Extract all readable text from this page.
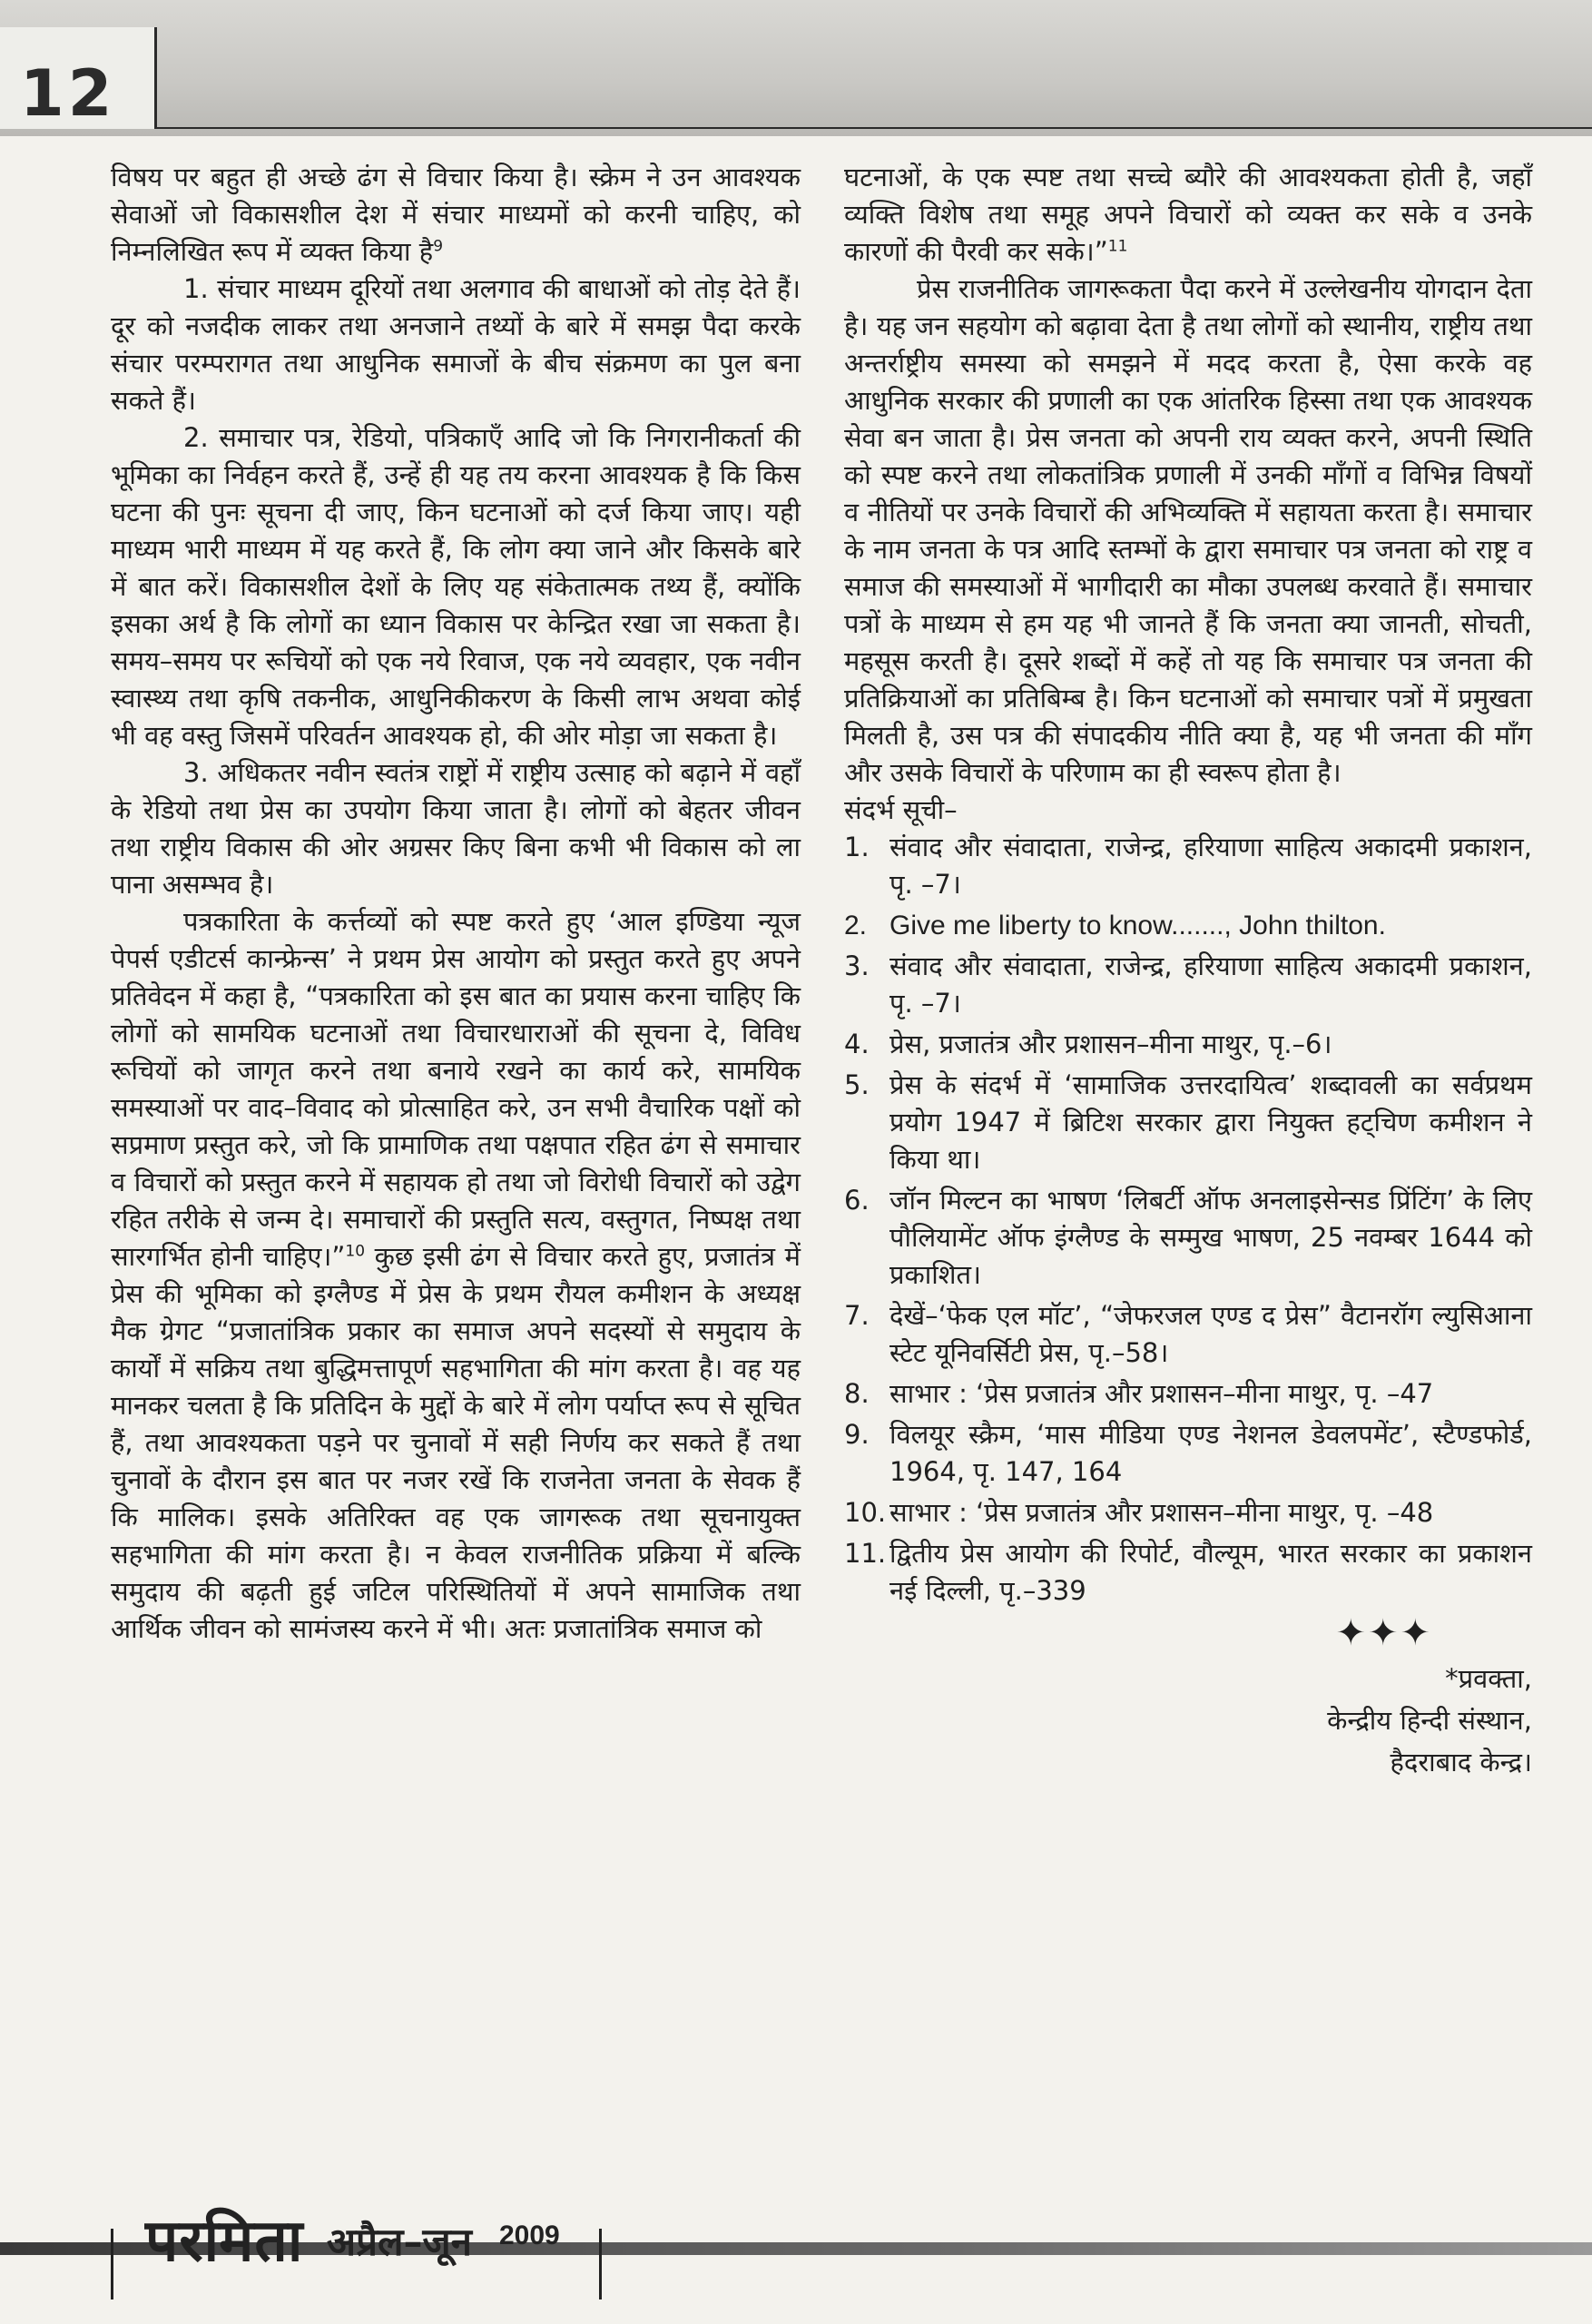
12

विषय पर बहुत ही अच्छे ढंग से विचार किया है। स्क्रेम ने उन आवश्यक सेवाओं जो विकासशील देश में संचार माध्यमों को करनी चाहिए, को निम्नलिखित रूप में व्यक्त किया है$^9$

1. संचार माध्यम दूरियों तथा अलगाव की बाधाओं को तोड़ देते हैं। दूर को नजदीक लाकर तथा अनजाने तथ्यों के बारे में समझ पैदा करके संचार परम्परागत तथा आधुनिक समाजों के बीच संक्रमण का पुल बना सकते हैं।

2. समाचार पत्र, रेडियो, पत्रिकाएँ आदि जो कि निगरानीकर्ता की भूमिका का निर्वहन करते हैं, उन्हें ही यह तय करना आवश्यक है कि किस घटना की पुनः सूचना दी जाए, किन घटनाओं को दर्ज किया जाए। यही माध्यम भारी माध्यम में यह करते हैं, कि लोग क्या जाने और किसके बारे में बात करें। विकासशील देशों के लिए यह संकेतात्मक तथ्य हैं, क्योंकि इसका अर्थ है कि लोगों का ध्यान विकास पर केन्द्रित रखा जा सकता है। समय–समय पर रूचियों को एक नये रिवाज, एक नये व्यवहार, एक नवीन स्वास्थ्य तथा कृषि तकनीक, आधुनिकीकरण के किसी लाभ अथवा कोई भी वह वस्तु जिसमें परिवर्तन आवश्यक हो, की ओर मोड़ा जा सकता है।

3. अधिकतर नवीन स्वतंत्र राष्ट्रों में राष्ट्रीय उत्साह को बढ़ाने में वहाँ के रेडियो तथा प्रेस का उपयोग किया जाता है। लोगों को बेहतर जीवन तथा राष्ट्रीय विकास की ओर अग्रसर किए बिना कभी भी विकास को ला पाना असम्भव है।

पत्रकारिता के कर्त्तव्यों को स्पष्ट करते हुए ‘आल इण्डिया न्यूज पेपर्स एडीटर्स कान्फ्रेन्स’ ने प्रथम प्रेस आयोग को प्रस्तुत करते हुए अपने प्रतिवेदन में कहा है, “पत्रकारिता को इस बात का प्रयास करना चाहिए कि लोगों को सामयिक घटनाओं तथा विचारधाराओं की सूचना दे, विविध रूचियों को जागृत करने तथा बनाये रखने का कार्य करे, सामयिक समस्याओं पर वाद–विवाद को प्रोत्साहित करे, उन सभी वैचारिक पक्षों को सप्रमाण प्रस्तुत करे, जो कि प्रामाणिक तथा पक्षपात रहित ढंग से समाचार व विचारों को प्रस्तुत करने में सहायक हो तथा जो विरोधी विचारों को उद्वेग रहित तरीके से जन्म दे। समाचारों की प्रस्तुति सत्य, वस्तुगत, निष्पक्ष तथा सारगर्भित होनी चाहिए।”$^{10}$ कुछ इसी ढंग से विचार करते हुए, प्रजातंत्र में प्रेस की भूमिका को इग्लैण्ड में प्रेस के प्रथम रौयल कमीशन के अध्यक्ष मैक ग्रेगट “प्रजातांत्रिक प्रकार का समाज अपने सदस्यों से समुदाय के कार्यों में सक्रिय तथा बुद्धिमत्तापूर्ण सहभागिता की मांग करता है। वह यह मानकर चलता है कि प्रतिदिन के मुद्दों के बारे में लोग पर्याप्त रूप से सूचित हैं, तथा आवश्यकता पड़ने पर चुनावों में सही निर्णय कर सकते हैं तथा चुनावों के दौरान इस बात पर नजर रखें कि राजनेता जनता के सेवक हैं कि मालिक। इसके अतिरिक्त वह एक जागरूक तथा सूचनायुक्त सहभागिता की मांग करता है। न केवल राजनीतिक प्रक्रिया में बल्कि समुदाय की बढ़ती हुई जटिल परिस्थितियों में अपने सामाजिक तथा आर्थिक जीवन को सामंजस्य करने में भी। अतः प्रजातांत्रिक समाज को

घटनाओं, के एक स्पष्ट तथा सच्चे ब्यौरे की आवश्यकता होती है, जहाँ व्यक्ति विशेष तथा समूह अपने विचारों को व्यक्त कर सके व उनके कारणों की पैरवी कर सके।”$^{11}$

प्रेस राजनीतिक जागरूकता पैदा करने में उल्लेखनीय योगदान देता है। यह जन सहयोग को बढ़ावा देता है तथा लोगों को स्थानीय, राष्ट्रीय तथा अन्तर्राष्ट्रीय समस्या को समझने में मदद करता है, ऐसा करके वह आधुनिक सरकार की प्रणाली का एक आंतरिक हिस्सा तथा एक आवश्यक सेवा बन जाता है। प्रेस जनता को अपनी राय व्यक्त करने, अपनी स्थिति को स्पष्ट करने तथा लोकतांत्रिक प्रणाली में उनकी माँगों व विभिन्न विषयों व नीतियों पर उनके विचारों की अभिव्यक्ति में सहायता करता है। समाचार के नाम जनता के पत्र आदि स्तम्भों के द्वारा समाचार पत्र जनता को राष्ट्र व समाज की समस्याओं में भागीदारी का मौका उपलब्ध करवाते हैं। समाचार पत्रों के माध्यम से हम यह भी जानते हैं कि जनता क्या जानती, सोचती, महसूस करती है। दूसरे शब्दों में कहें तो यह कि समाचार पत्र जनता की प्रतिक्रियाओं का प्रतिबिम्ब है। किन घटनाओं को समाचार पत्रों में प्रमुखता मिलती है, उस पत्र की संपादकीय नीति क्या है, यह भी जनता की माँग और उसके विचारों के परिणाम का ही स्वरूप होता है।

संदर्भ सूची–

1. संवाद और संवादाता, राजेन्द्र, हरियाणा साहित्य अकादमी प्रकाशन, पृ. –7।
2. Give me liberty to know......., John thilton.
3. संवाद और संवादाता, राजेन्द्र, हरियाणा साहित्य अकादमी प्रकाशन, पृ. –7।
4. प्रेस, प्रजातंत्र और प्रशासन–मीना माथुर, पृ.–6।
5. प्रेस के संदर्भ में ‘सामाजिक उत्तरदायित्व’ शब्दावली का सर्वप्रथम प्रयोग 1947 में ब्रिटिश सरकार द्वारा नियुक्त हट्चिण कमीशन ने किया था।
6. जॉन मिल्टन का भाषण ‘लिबर्टी ऑफ अनलाइसेन्सड प्रिंटिंग’ के लिए पौलियामेंट ऑफ इंग्लैण्ड के सम्मुख भाषण, 25 नवम्बर 1644 को प्रकाशित।
7. देखें–‘फेक एल मॉट’, “जेफरजल एण्ड द प्रेस” वैटानरॉग ल्युसिआना स्टेट यूनिवर्सिटी प्रेस, पृ.–58।
8. साभार : ‘प्रेस प्रजातंत्र और प्रशासन–मीना माथुर, पृ. –47
9. विलयूर स्क्रैम, ‘मास मीडिया एण्ड नेशनल डेवलपमेंट’, स्टैण्डफोर्ड, 1964, पृ. 147, 164
10. साभार : ‘प्रेस प्रजातंत्र और प्रशासन–मीना माथुर, पृ. –48
11. द्वितीय प्रेस आयोग की रिपोर्ट, वौल्यूम, भारत सरकार का प्रकाशन नई दिल्ली, पृ.–339
✦✦✦
*प्रवक्ता,
केन्द्रीय हिन्दी संस्थान,
हैदराबाद केन्द्र।
परमिता अप्रैल–जून 2009
